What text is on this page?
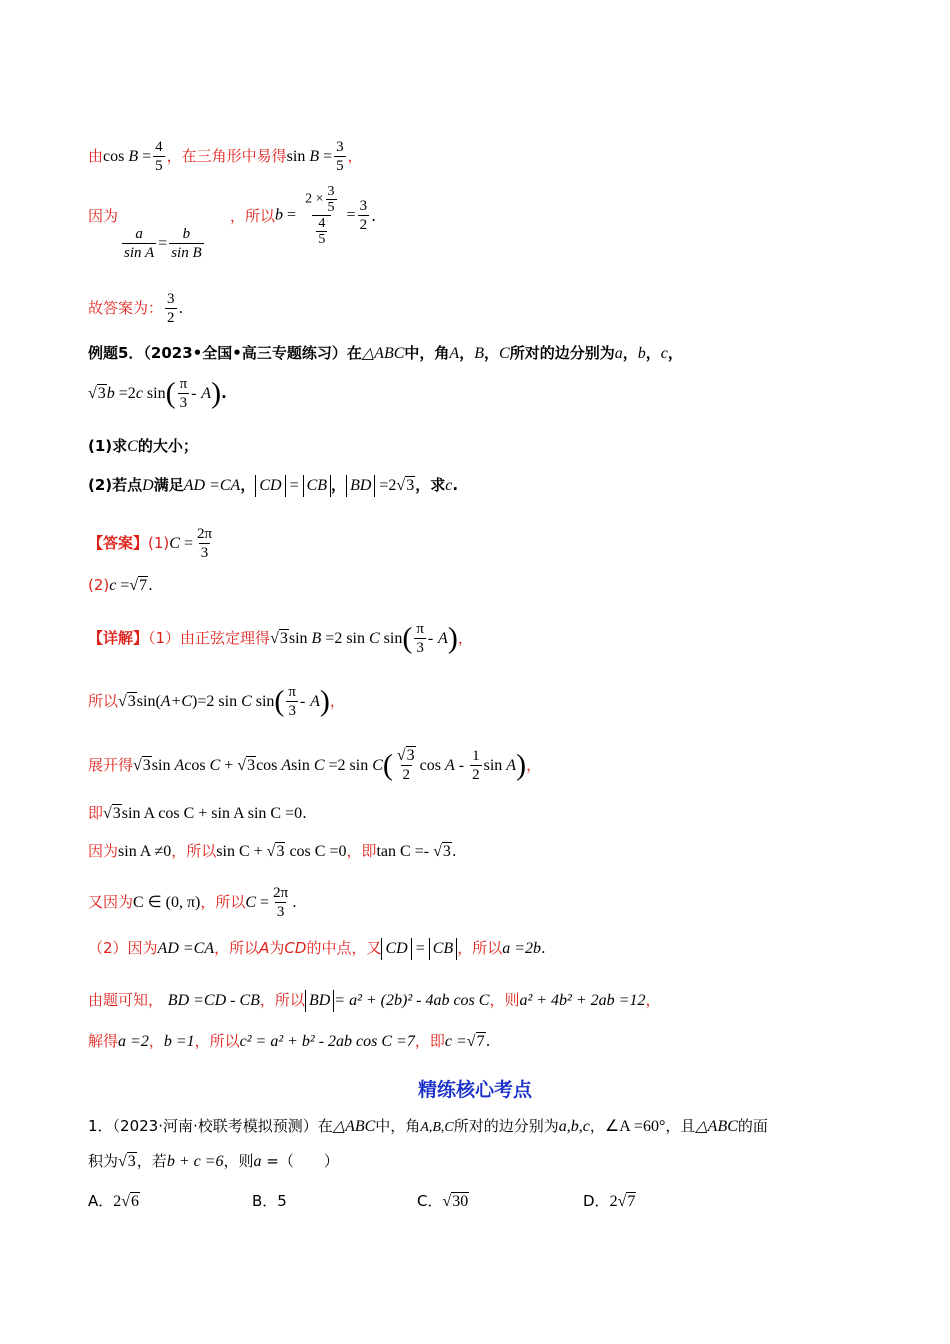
由$\cos B = \frac{4}{5}$ ，在三角形中易得$\sin B = \frac{3}{5}$ ，
因为
$\frac{a}{\text{sin A}} = \frac{b}{\text{sin B}}$
，所以$b = \frac{2 \times \frac{3}{5}}{\frac{4}{5}} = \frac{3}{2}$ .
故答案为： $\frac{3}{2}$ .
例题5．（2023•全国•高三专题练习）在△ABC中，角A，B，C所对的边分别为a，b，c，
√3b =2c $\sin( \frac{\pi}{3} - A)$.
(1)求C的大小；
(2)若点D满足AD =CA， CD = CB ， BD =2√3，求c.
【答案】$(1)C = \frac{2\pi}{3}$
(2)c =√7.
【详解】（1）由正弦定理得√3sin B =2 sin C $\sin( \frac{\pi}{3} - A)$，
所以√3sin(A+C)=2 sin C $\sin( \frac{\pi}{3} - A)$，
展开得√3sin Acos C + √3cos Asin C =2 $\sin C( \frac{√3}{2}$ cos A - $\frac{1}{2}$ sin A)，
即√3sin A cos C + sin A sin C =0.
因为sin A ≠0，所以sin C + √3 cos C =0，即tan C =- √3.
又因为C ∈ (0, π)，所以$C = \frac{2\pi}{3}$ .
（2）因为AD =CA，所以A为CD的中点，又 CD = CB ，所以a =2b.
由题可知， BD =CD - CB，所以 BD = a² + (2b)² - 4ab cos C，则a² + 4b² + 2ab =12，
解得a =2，b =1，所以c² = a² + b² - 2ab cos C =7，即c =√7.
精练核心考点
1．（2023·河南·校联考模拟预测）在△ABC中，角A,B,C所对的边分别为a,b,c，∠A =60°，且△ABC的面
积为√3，若b + c =6，则a =（　　）
A．2√6	B．5	C．√30	D．2√7
